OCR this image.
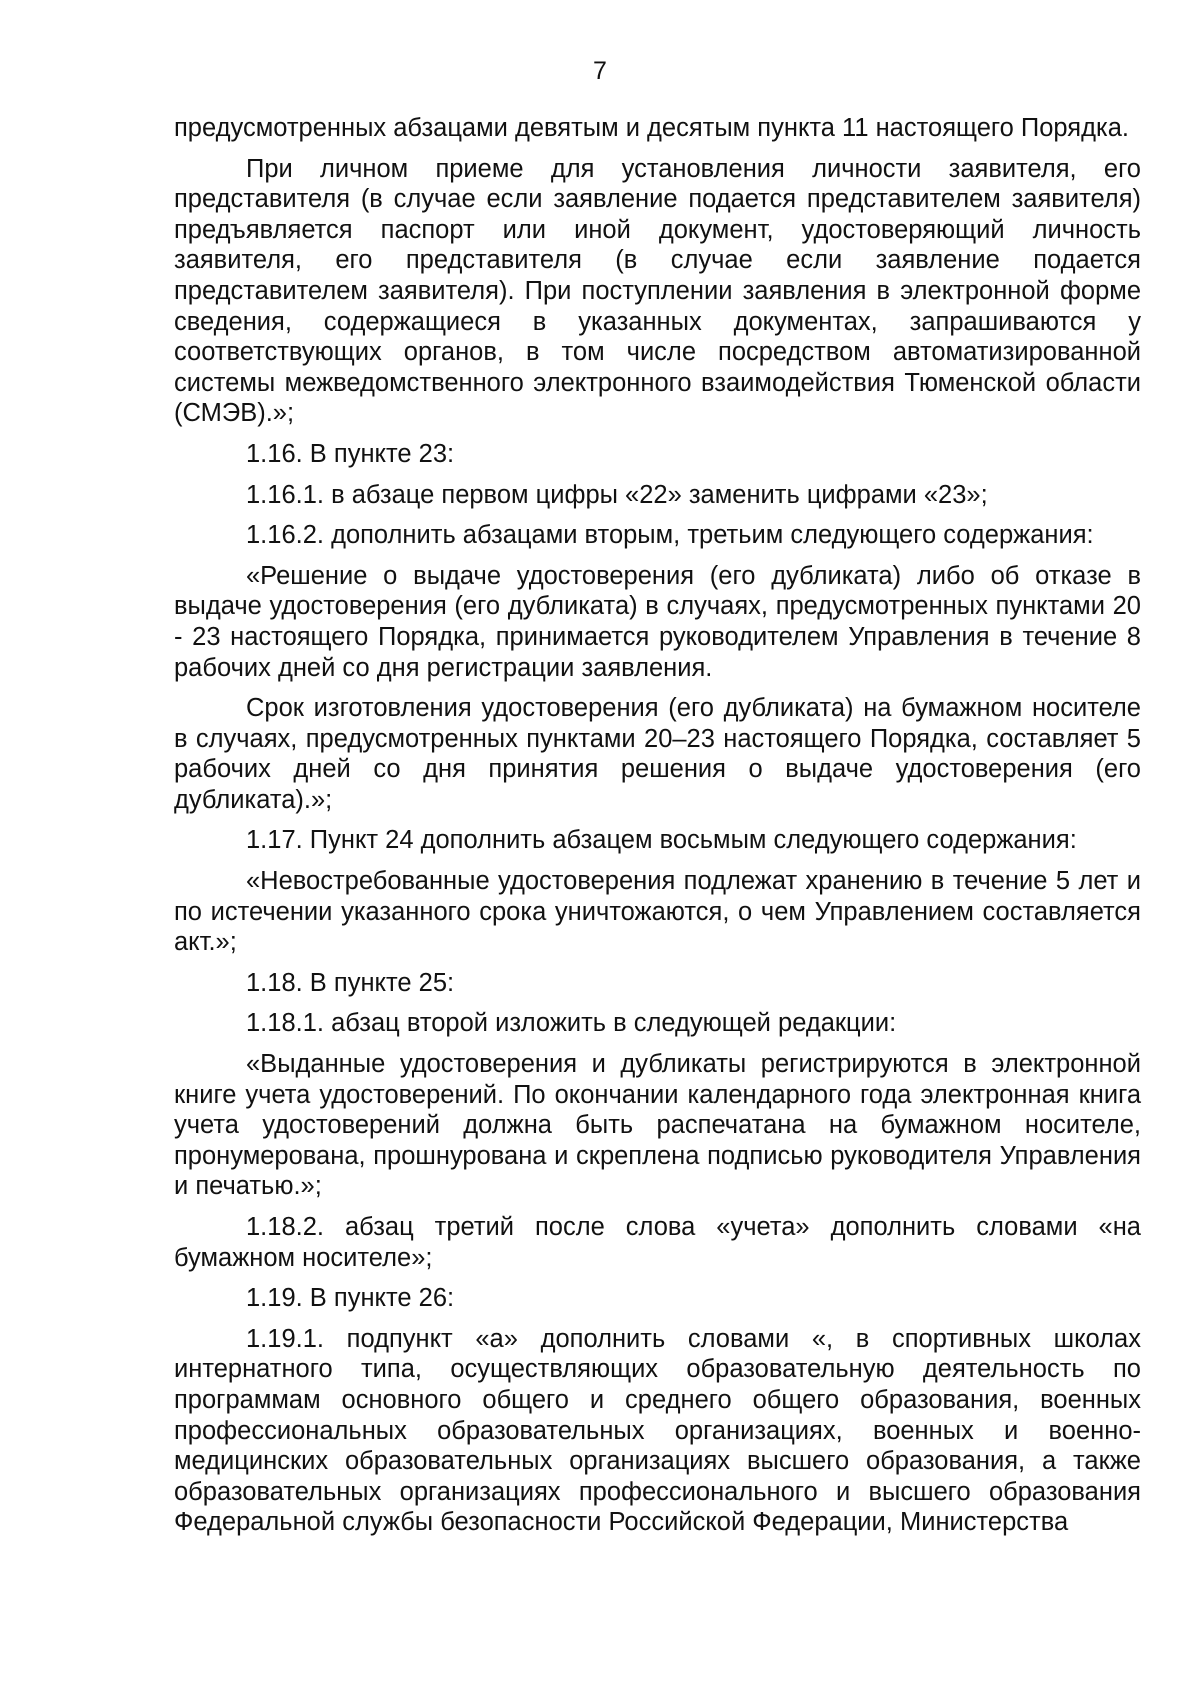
7

предусмотренных абзацами девятым и десятым пункта 11 настоящего Порядка.

При личном приеме для установления личности заявителя, его представителя (в случае если заявление подается представителем заявителя) предъявляется паспорт или иной документ, удостоверяющий личность заявителя, его представителя (в случае если заявление подается представителем заявителя). При поступлении заявления в электронной форме сведения, содержащиеся в указанных документах, запрашиваются у соответствующих органов, в том числе посредством автоматизированной системы межведомственного электронного взаимодействия Тюменской области (СМЭВ).»;

1.16. В пункте 23:

1.16.1. в абзаце первом цифры «22» заменить цифрами «23»;

1.16.2. дополнить абзацами вторым, третьим следующего содержания:

«Решение о выдаче удостоверения (его дубликата) либо об отказе в выдаче удостоверения (его дубликата) в случаях, предусмотренных пунктами 20 - 23 настоящего Порядка, принимается руководителем Управления в течение 8 рабочих дней со дня регистрации заявления.

Срок изготовления удостоверения (его дубликата) на бумажном носителе в случаях, предусмотренных пунктами 20–23 настоящего Порядка, составляет 5 рабочих дней со дня принятия решения о выдаче удостоверения (его дубликата).»;

1.17. Пункт 24 дополнить абзацем восьмым следующего содержания:

«Невостребованные удостоверения подлежат хранению в течение 5 лет и по истечении указанного срока уничтожаются, о чем Управлением составляется акт.»;

1.18. В пункте 25:

1.18.1. абзац второй изложить в следующей редакции:

«Выданные удостоверения и дубликаты регистрируются в электронной книге учета удостоверений. По окончании календарного года электронная книга учета удостоверений должна быть распечатана на бумажном носителе, пронумерована, прошнурована и скреплена подписью руководителя Управления и печатью.»;

1.18.2. абзац третий после слова «учета» дополнить словами «на бумажном носителе»;

1.19. В пункте 26:

1.19.1. подпункт «а» дополнить словами «, в спортивных школах интернатного типа, осуществляющих образовательную деятельность по программам основного общего и среднего общего образования, военных профессиональных образовательных организациях, военных и военно-медицинских образовательных организациях высшего образования, а также образовательных организациях профессионального и высшего образования Федеральной службы безопасности Российской Федерации, Министерства
